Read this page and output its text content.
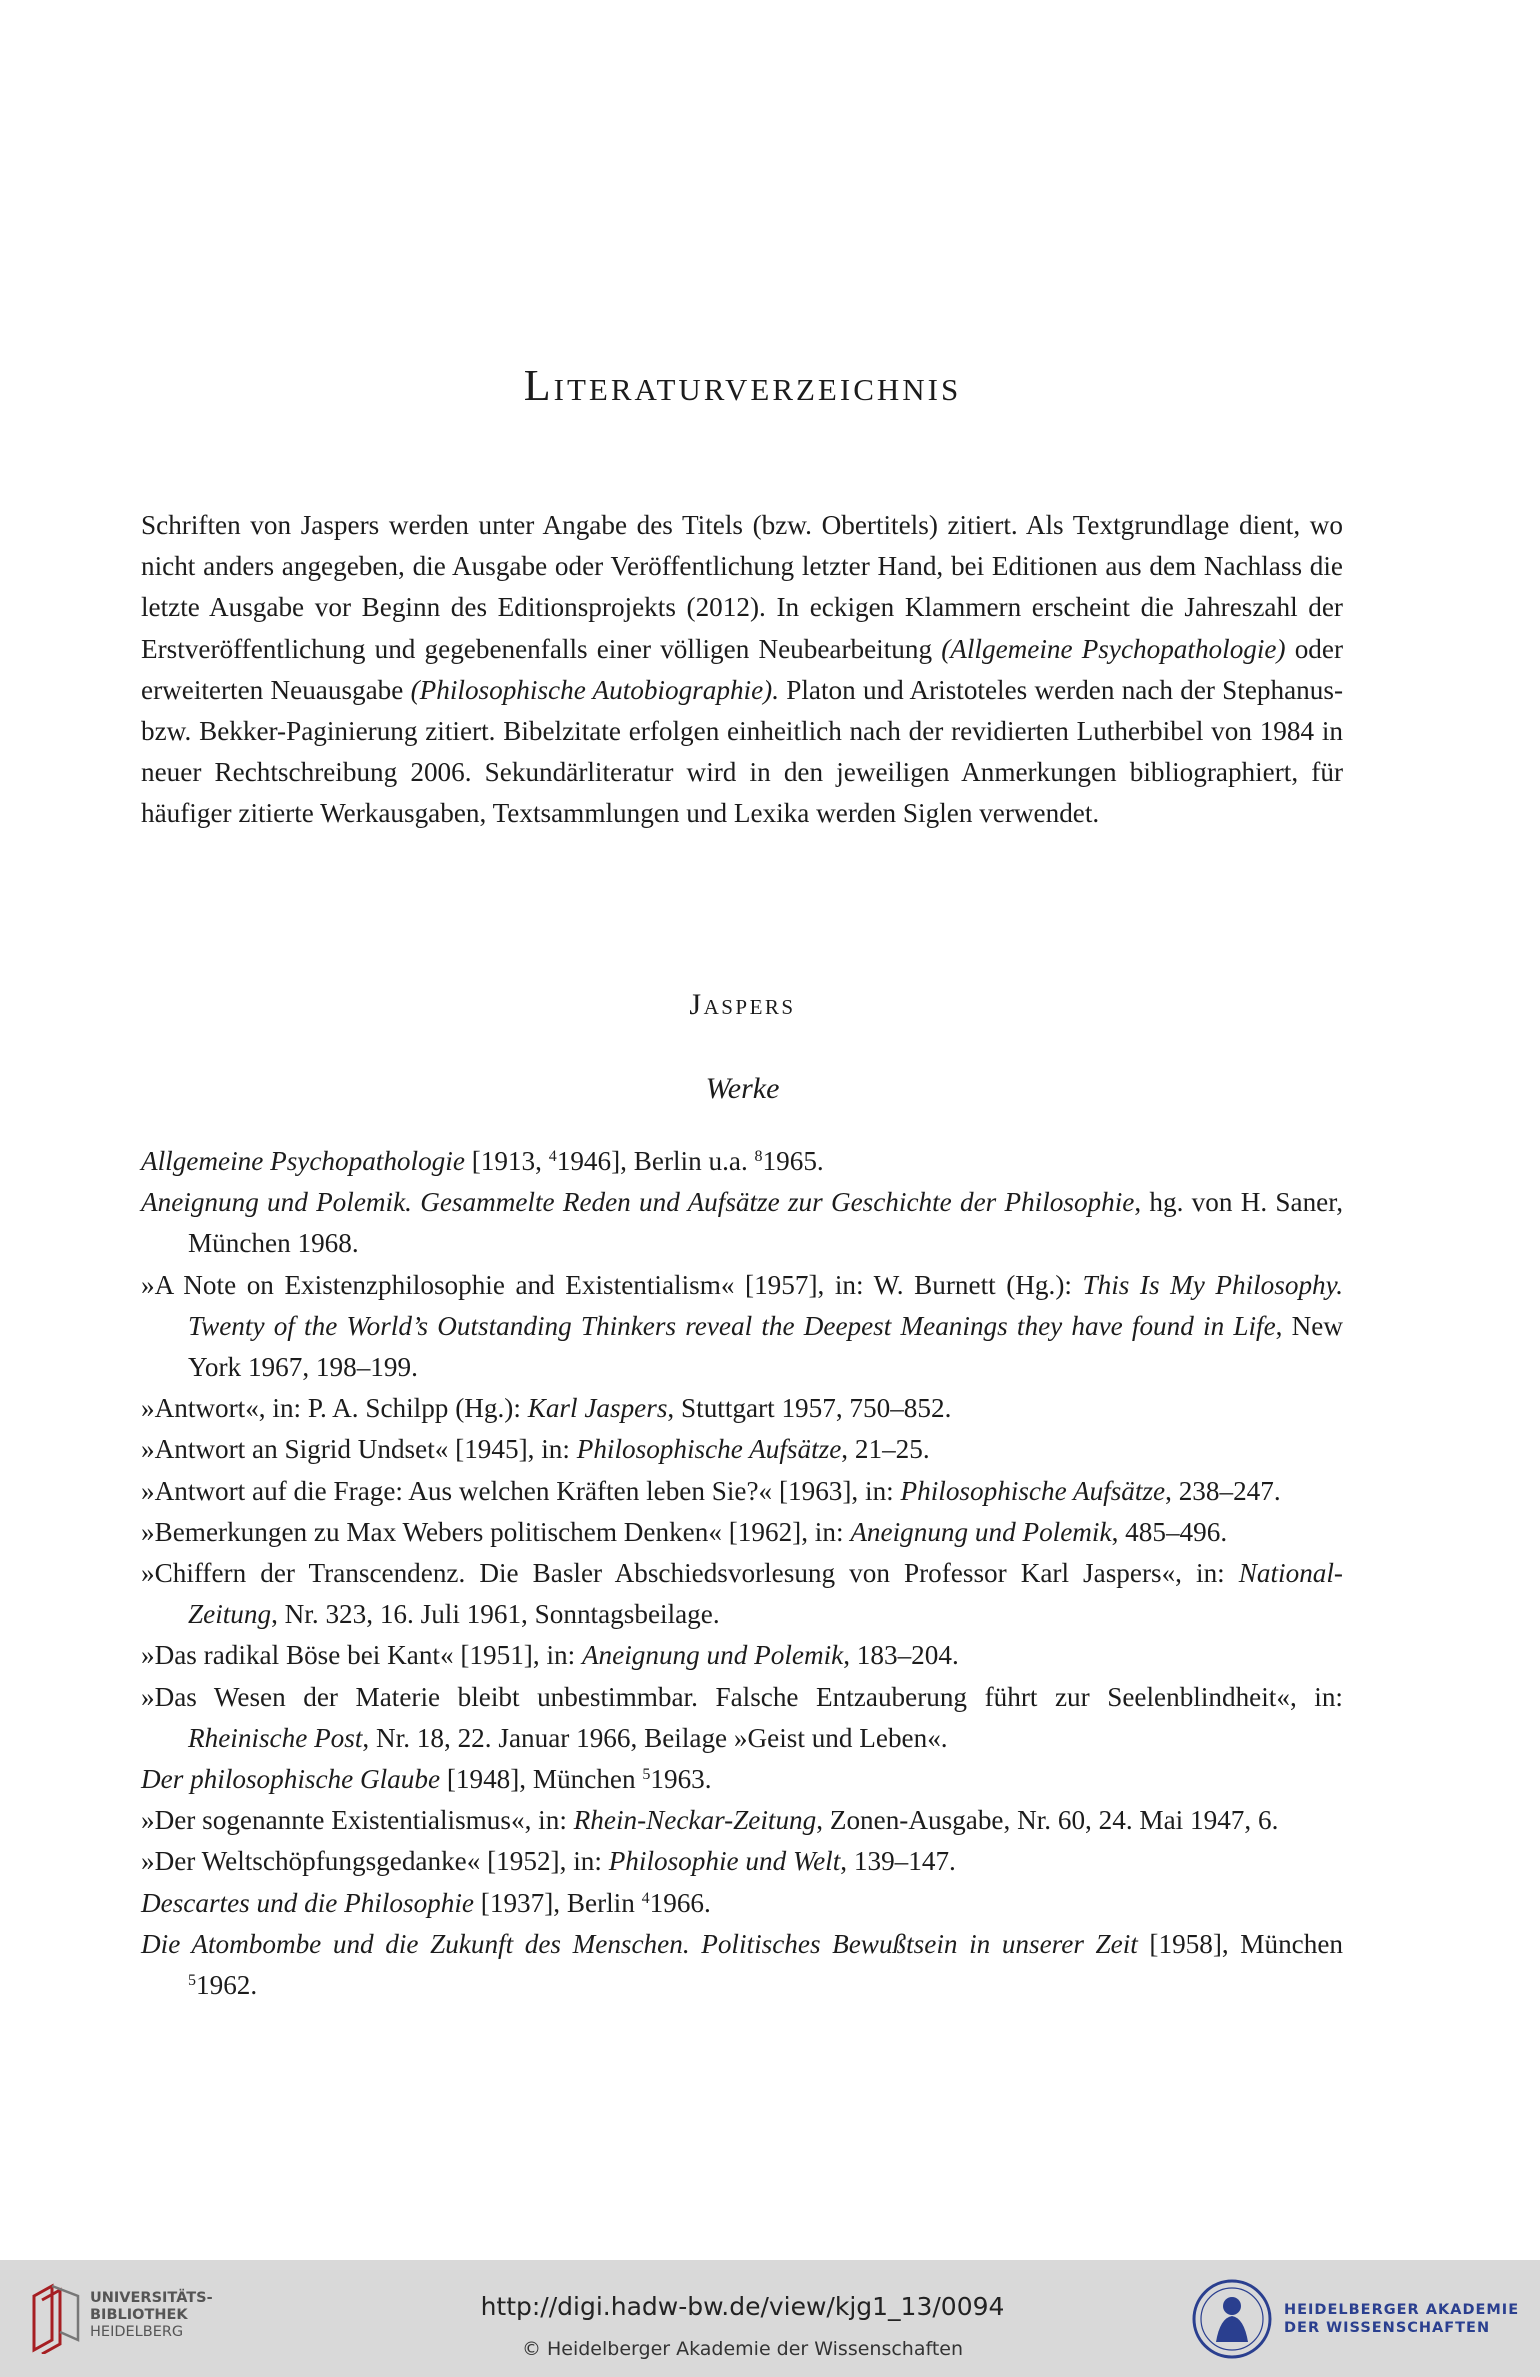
Literaturverzeichnis

Schriften von Jaspers werden unter Angabe des Titels (bzw. Obertitels) zitiert. Als Textgrundlage dient, wo nicht anders angegeben, die Ausgabe oder Veröffentlichung letzter Hand, bei Editionen aus dem Nachlass die letzte Ausgabe vor Beginn des Editionsprojekts (2012). In eckigen Klammern erscheint die Jahreszahl der Erstveröffentlichung und gegebenenfalls einer völligen Neubearbeitung (Allgemeine Psychopathologie) oder erweiterten Neuausgabe (Philosophische Autobiographie). Platon und Aristoteles werden nach der Stephanus- bzw. Bekker-Paginierung zitiert. Bibelzitate erfolgen einheitlich nach der revidierten Lutherbibel von 1984 in neuer Rechtschreibung 2006. Sekundärliteratur wird in den jeweiligen Anmerkungen bibliographiert, für häufiger zitierte Werkausgaben, Textsammlungen und Lexika werden Siglen verwendet.

Jaspers
Werke
Allgemeine Psychopathologie [1913, $^4$1946], Berlin u.a. $^8$1965.
Aneignung und Polemik. Gesammelte Reden und Aufsätze zur Geschichte der Philosophie, hg. von H. Saner, München 1968.
»A Note on Existenzphilosophie and Existentialism« [1957], in: W. Burnett (Hg.): This Is My Philosophy. Twenty of the World’s Outstanding Thinkers reveal the Deepest Meanings they have found in Life, New York 1967, 198–199.
»Antwort«, in: P. A. Schilpp (Hg.): Karl Jaspers, Stuttgart 1957, 750–852.
»Antwort an Sigrid Undset« [1945], in: Philosophische Aufsätze, 21–25.
»Antwort auf die Frage: Aus welchen Kräften leben Sie?« [1963], in: Philosophische Aufsätze, 238–247.
»Bemerkungen zu Max Webers politischem Denken« [1962], in: Aneignung und Polemik, 485–496.
»Chiffern der Transcendenz. Die Basler Abschiedsvorlesung von Professor Karl Jaspers«, in: National-Zeitung, Nr. 323, 16. Juli 1961, Sonntagsbeilage.
»Das radikal Böse bei Kant« [1951], in: Aneignung und Polemik, 183–204.
»Das Wesen der Materie bleibt unbestimmbar. Falsche Entzauberung führt zur Seelenblindheit«, in: Rheinische Post, Nr. 18, 22. Januar 1966, Beilage »Geist und Leben«.
Der philosophische Glaube [1948], München $^5$1963.
»Der sogenannte Existentialismus«, in: Rhein-Neckar-Zeitung, Zonen-Ausgabe, Nr. 60, 24. Mai 1947, 6.
»Der Weltschöpfungsgedanke« [1952], in: Philosophie und Welt, 139–147.
Descartes und die Philosophie [1937], Berlin $^4$1966.
Die Atombombe und die Zukunft des Menschen. Politisches Bewußtsein in unserer Zeit [1958], München $^5$1962.
UNIVERSITÄTS-
BIBLIOTHEK
HEIDELBERG
http://digi.hadw-bw.de/view/kjg1_13/0094
© Heidelberger Akademie der Wissenschaften
HEIDELBERGER AKADEMIE
DER WISSENSCHAFTEN
